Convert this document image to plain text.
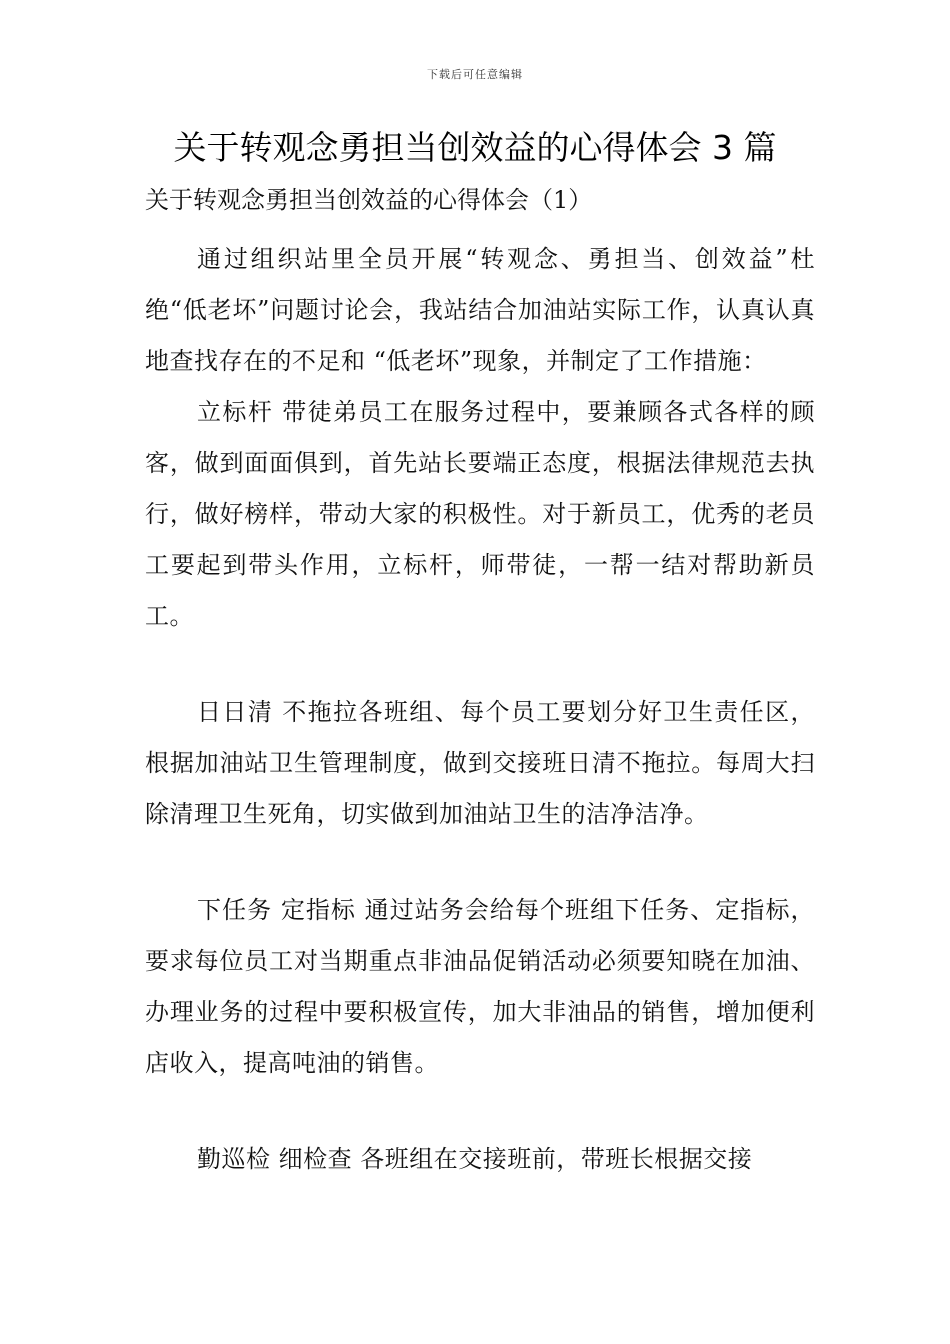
下载后可任意编辑
关于转观念勇担当创效益的心得体会 3 篇

关于转观念勇担当创效益的心得体会（1）

通过组织站里全员开展“转观念、勇担当、创效益”杜绝“低老坏”问题讨论会，我站结合加油站实际工作，认真认真地查找存在的不足和 “低老坏”现象，并制定了工作措施：

立标杆 带徒弟员工在服务过程中，要兼顾各式各样的顾客，做到面面俱到，首先站长要端正态度，根据法律规范去执行，做好榜样，带动大家的积极性。对于新员工，优秀的老员工要起到带头作用，立标杆，师带徒，一帮一结对帮助新员工。

日日清 不拖拉各班组、每个员工要划分好卫生责任区，根据加油站卫生管理制度，做到交接班日清不拖拉。每周大扫除清理卫生死角，切实做到加油站卫生的洁净洁净。

下任务 定指标 通过站务会给每个班组下任务、定指标，要求每位员工对当期重点非油品促销活动必须要知晓在加油、办理业务的过程中要积极宣传，加大非油品的销售，增加便利店收入，提高吨油的销售。

勤巡检 细检查 各班组在交接班前，带班长根据交接
